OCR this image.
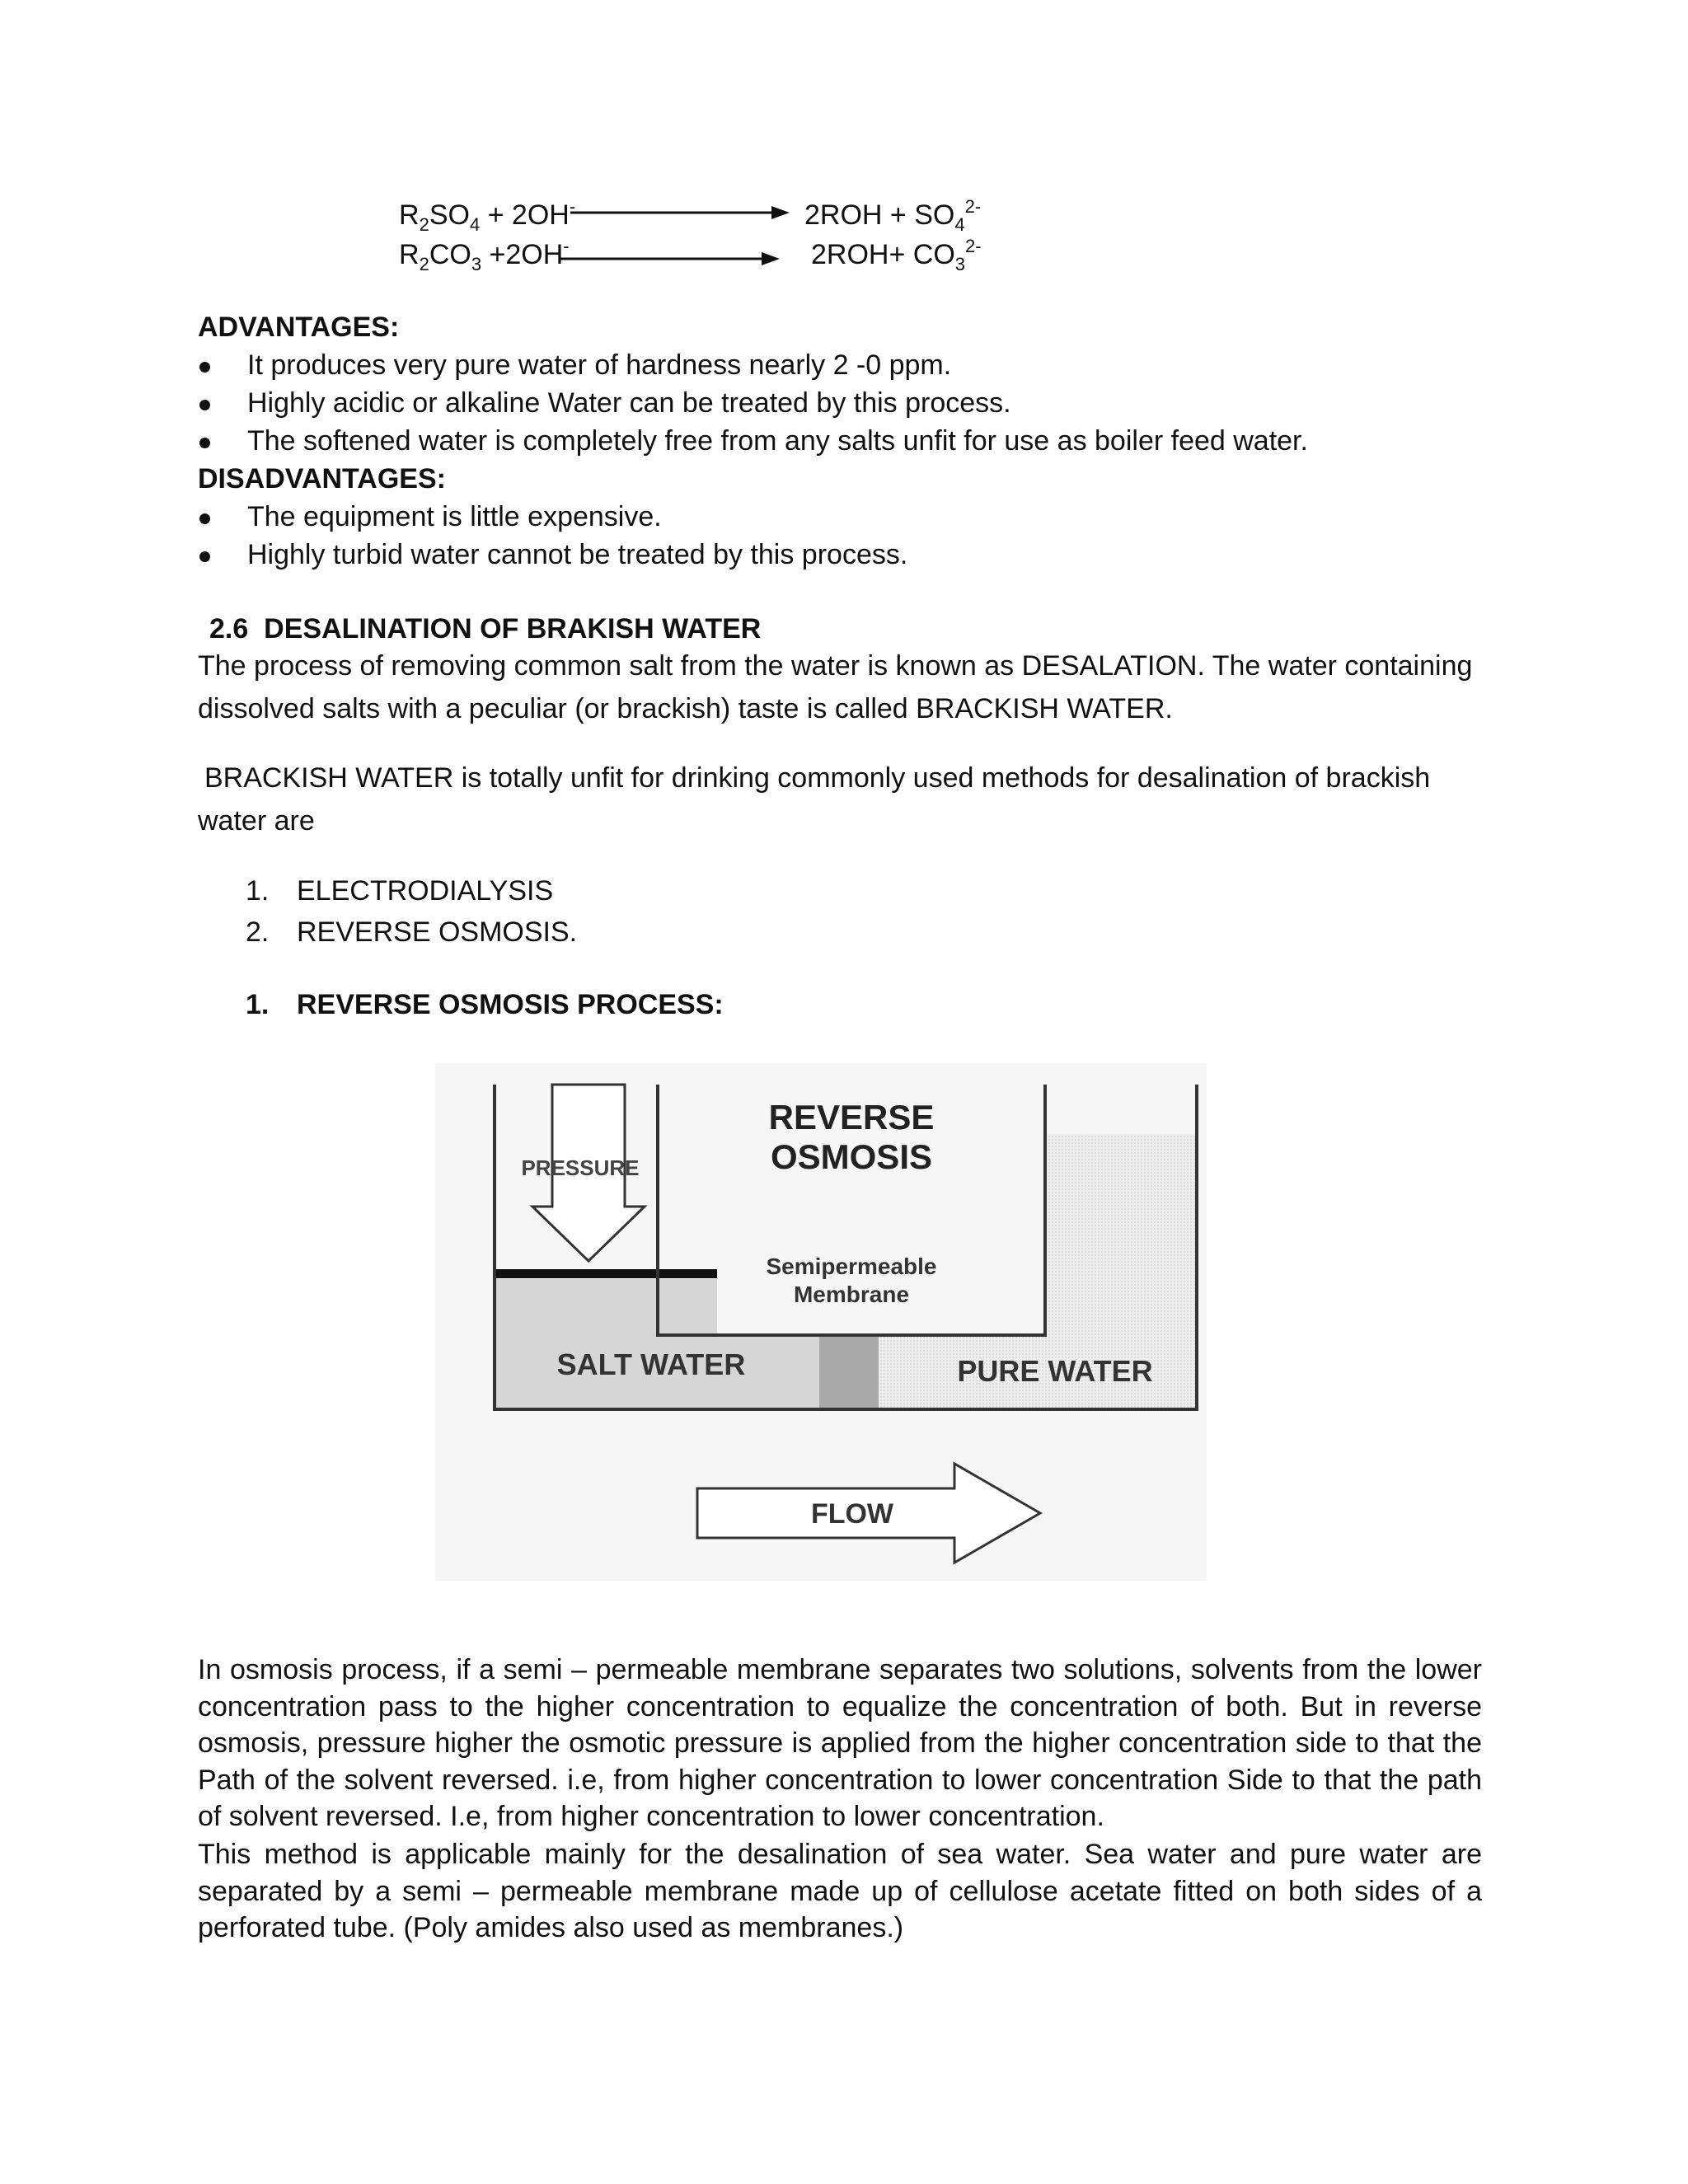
$R_2SO_4 + 2OH^-$	$2ROH + SO_4^{2-}$
$R_2CO_3 +2OH^-$	$2ROH+ CO_3^{2-}$
ADVANTAGES:
It produces very pure water of hardness nearly 2 -0 ppm.
Highly acidic or alkaline Water can be treated by this process.
The softened water is completely free from any salts unfit for use as boiler feed water.
DISADVANTAGES:
The equipment is little expensive.
Highly turbid water cannot be treated by this process.
2.6 DESALINATION OF BRAKISH WATER
The process of removing common salt from the water is known as DESALATION. The water containing dissolved salts with a peculiar (or brackish) taste is called BRACKISH WATER.
BRACKISH WATER is totally unfit for drinking commonly used methods for desalination of brackish water are
1. ELECTRODIALYSIS
2. REVERSE OSMOSIS.
1. REVERSE OSMOSIS PROCESS:
PRESSURE
REVERSE
OSMOSIS
Semipermeable
Membrane
SALT WATER	PURE WATER
FLOW
In osmosis process, if a semi – permeable membrane separates two solutions, solvents from the lower concentration pass to the higher concentration to equalize the concentration of both. But in reverse osmosis, pressure higher the osmotic pressure is applied from the higher concentration side to that the Path of the solvent reversed. i.e, from higher concentration to lower concentration Side to that the path of solvent reversed. I.e, from higher concentration to lower concentration.
This method is applicable mainly for the desalination of sea water. Sea water and pure water are separated by a semi – permeable membrane made up of cellulose acetate fitted on both sides of a perforated tube. (Poly amides also used as membranes.)
